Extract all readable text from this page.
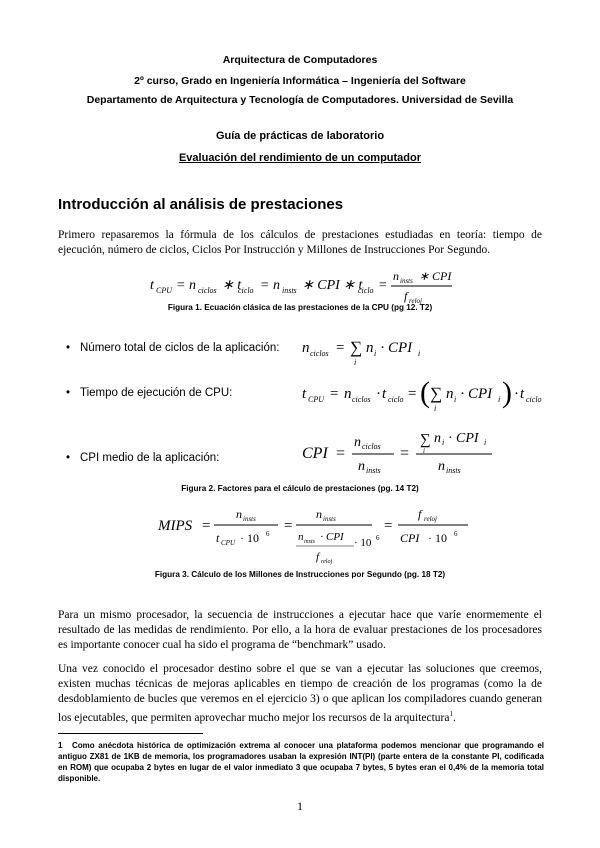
Arquitectura de Computadores
2º curso, Grado en Ingeniería Informática – Ingeniería del Software
Departamento de Arquitectura y Tecnología de Computadores. Universidad de Sevilla
Guía de prácticas de laboratorio
Evaluación del rendimiento de un computador
Introducción al análisis de prestaciones
Primero repasaremos la fórmula de los cálculos de prestaciones estudiadas en teoría: tiempo de ejecución, número de ciclos, Ciclos Por Instrucción y Millones de Instrucciones Por Segundo.
t CPU = n ciclos ∗ t
ciclo = n insts ∗ CPI ∗ t
ciclo =
n insts ∗ CPI
f reloj
Figura 1. Ecuación clásica de las prestaciones de la CPU (pg 12. T2)
• Número total de ciclos de la aplicación: n ciclos = ∑
i
n i · CPI i
• Tiempo de ejecución de CPU:	t CPU = n ciclos · t ciclo = ( ∑
i
n i · CPI i ) · t ciclo
• CPI medio de la aplicación:	CPI =
n ciclos
n insts
=
∑
i
n i · CPI i
n insts
Figura 2. Factores para el cálculo de prestaciones (pg. 14 T2)
MIPS =
n insts
t CPU · 10 6 =
n insts
n insts · CPI
f reloj
· 10 6
=
f reloj
CPI · 10 6
Figura 3. Cálculo de los Millones de Instrucciones por Segundo (pg. 18 T2)
Para un mismo procesador, la secuencia de instrucciones a ejecutar hace que varíe enormemente el resultado de las medidas de rendimiento. Por ello, a la hora de evaluar prestaciones de los procesadores es importante conocer cual ha sido el programa de “benchmark” usado.
Una vez conocido el procesador destino sobre el que se van a ejecutar las soluciones que creemos, existen muchas técnicas de mejoras aplicables en tiempo de creación de los programas (como la de desdoblamiento de bucles que veremos en el ejercicio 3) o que aplican los compiladores cuando generan los ejecutables, que permiten aprovechar mucho mejor los recursos de la arquitectura$^1$.
1 Como anécdota histórica de optimización extrema al conocer una plataforma podemos mencionar que programando el antiguo ZX81 de 1KB de memoria, los programadores usaban la expresión INT(PI) (parte entera de la constante PI, codificada en ROM) que ocupaba 2 bytes en lugar de el valor inmediato 3 que ocupaba 7 bytes, 5 bytes eran el 0,4% de la memoria total disponible.
1
